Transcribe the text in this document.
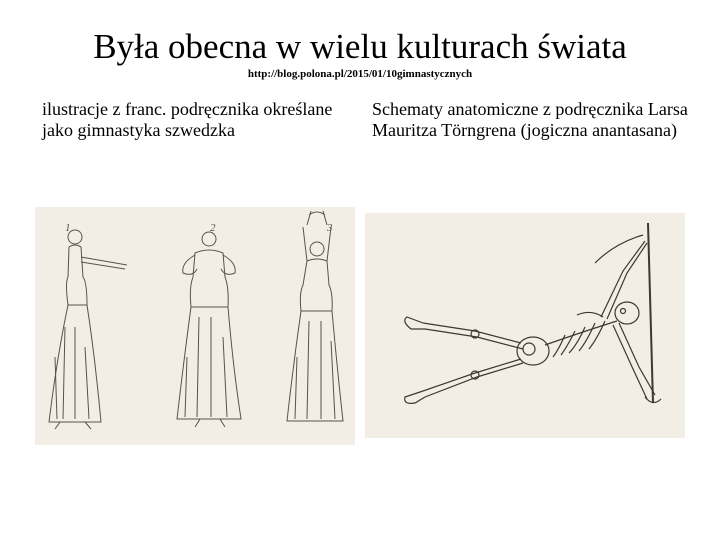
Była obecna w wielu kulturach świata
http://blog.polona.pl/2015/01/10gimnastycznych
ilustracje z franc. podręcznika określane jako gimnastyka szwedzka
Schematy anatomiczne z podręcznika Larsa Mauritza Törngrena (jogiczna anantasana)
1	2	3
